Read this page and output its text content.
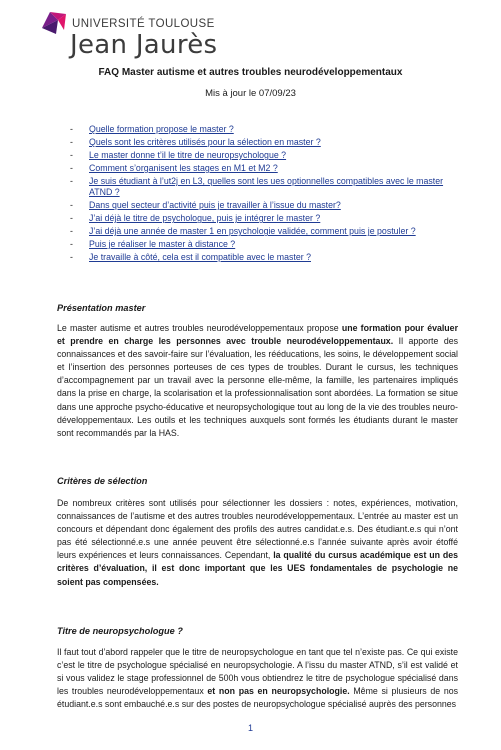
UNIVERSITÉ TOULOUSE
Jean Jaurès
FAQ Master autisme et autres troubles neurodéveloppementaux
Mis à jour le 07/09/23
- Quelle formation propose le master ?
- Quels sont les critères utilisés pour la sélection en master ?
- Le master donne t’il le titre de neuropsychologue ?
- Comment s’organisent les stages en M1 et M2 ?
- Je suis étudiant à l’ut2j en L3, quelles sont les ues optionnelles compatibles avec le master ATND ?
- Dans quel secteur d’activité puis je travailler à l’issue du master?
- J’ai déjà le titre de psychologue, puis je intégrer le master ?
- J’ai déjà une année de master 1 en psychologie validée, comment puis je postuler ?
- Puis je réaliser le master à distance ?
- Je travaille à côté, cela est il compatible avec le master ?
Présentation master
Le master autisme et autres troubles neurodéveloppementaux propose une formation pour évaluer et prendre en charge les personnes avec trouble neurodéveloppementaux. Il apporte des connaissances et des savoir-faire sur l’évaluation, les rééducations, les soins, le développement social et l’insertion des personnes porteuses de ces types de troubles. Durant le cursus, les techniques d’accompagnement par un travail avec la personne elle-même, la famille, les partenaires impliqués dans la prise en charge, la scolarisation et la professionnalisation sont abordées. La formation se situe dans une approche psycho-éducative et neuropsychologique tout au long de la vie des troubles neuro-développementaux. Les outils et les techniques auxquels sont formés les étudiants durant le master sont recommandés par la HAS.
Critères de sélection
De nombreux critères sont utilisés pour sélectionner les dossiers : notes, expériences, motivation, connaissances de l’autisme et des autres troubles neurodéveloppementaux. L’entrée au master est un concours et dépendant donc également des profils des autres candidat.e.s. Des étudiant.e.s qui n’ont pas été sélectionné.e.s une année peuvent être sélectionné.e.s l’année suivante après avoir étoffé leurs expériences et leurs connaissances. Cependant, la qualité du cursus académique est un des critères d’évaluation, il est donc important que les UES fondamentales de psychologie ne soient pas compensées.
Titre de neuropsychologue ?
Il faut tout d’abord rappeler que le titre de neuropsychologue en tant que tel n’existe pas. Ce qui existe c’est le titre de psychologue spécialisé en neuropsychologie. A l’issu du master ATND, s’il est validé et si vous validez le stage professionnel de 500h vous obtiendrez le titre de psychologue spécialisé dans les troubles neurodéveloppementaux et non pas en neuropsychologie. Même si plusieurs de nos étudiant.e.s sont embauché.e.s sur des postes de neuropsychologue spécialisé auprès des personnes
1
